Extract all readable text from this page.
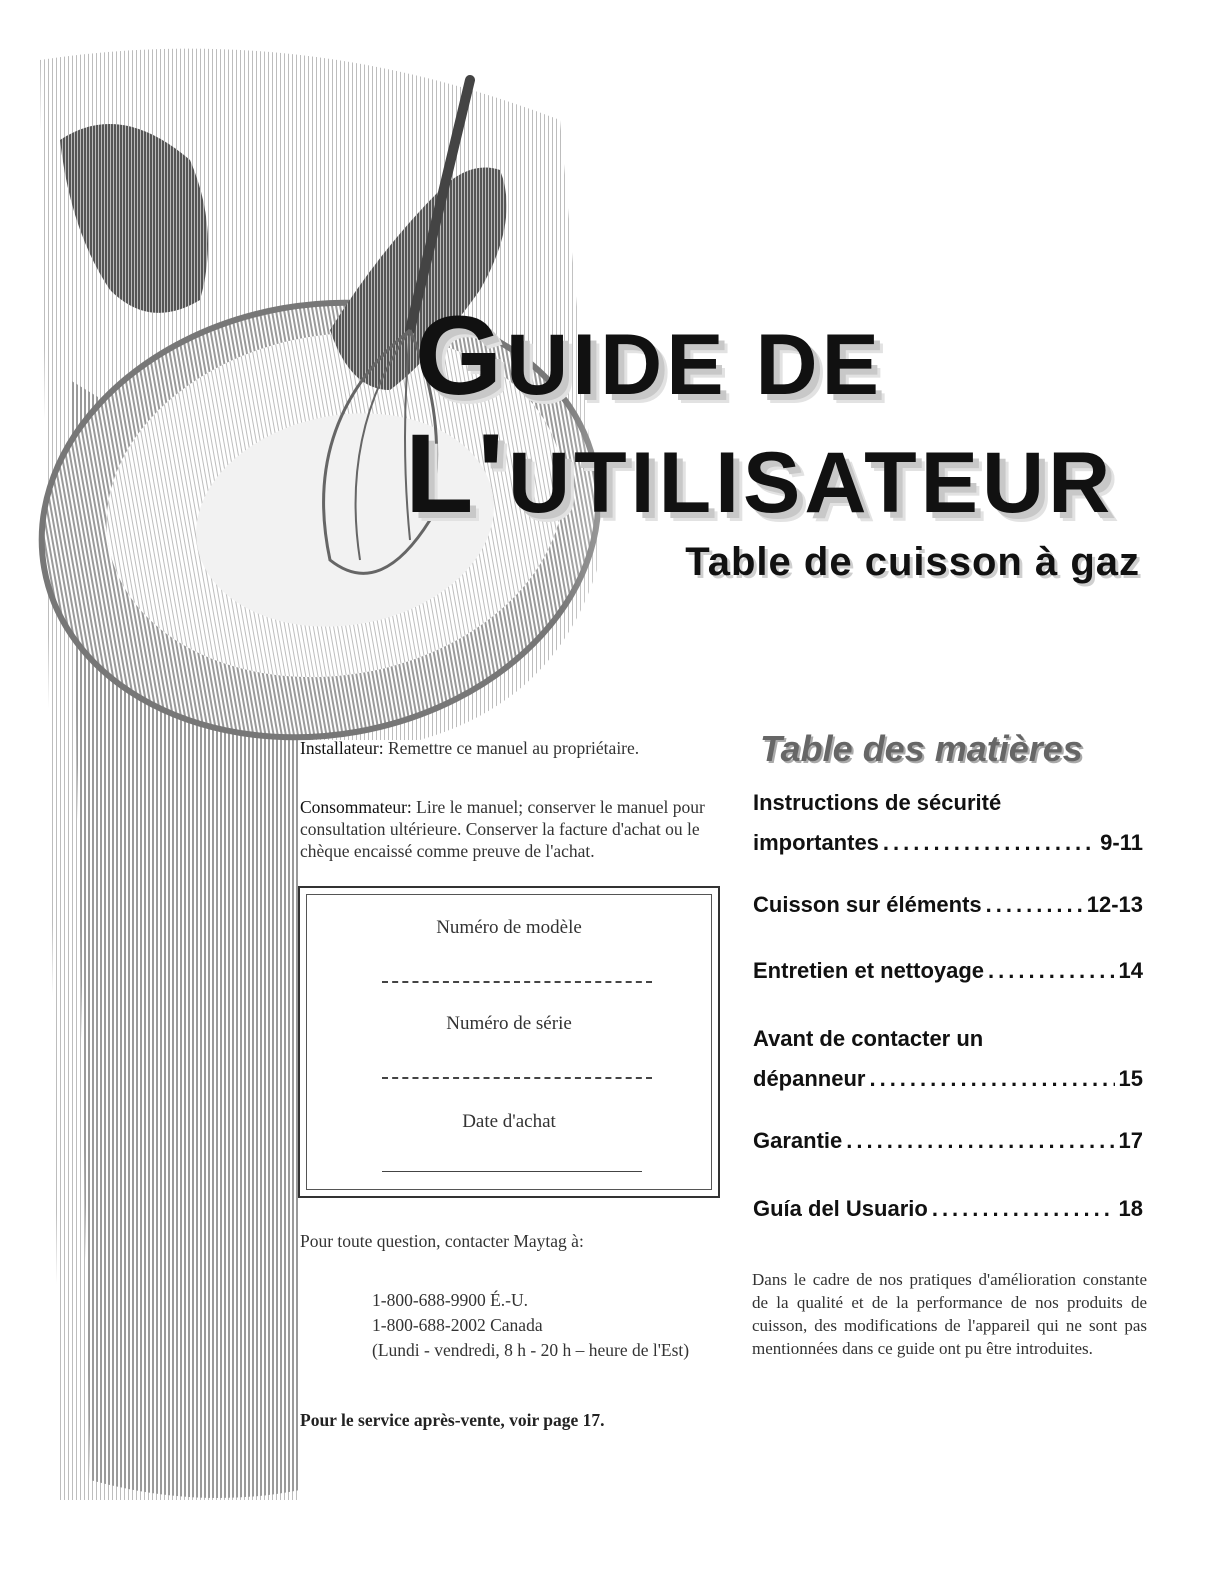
GUIDE DE
L'UTILISATEUR
Table de cuisson à gaz
Installateur: Remettre ce manuel au propriétaire.
Consommateur: Lire le manuel; conserver le manuel pour consultation ultérieure. Conserver la facture d'achat ou le chèque encaissé comme preuve de l'achat.
Numéro de modèle
Numéro de série
Date d'achat
Pour toute question, contacter Maytag à:
1-800-688-9900 É.-U.
1-800-688-2002 Canada
(Lundi - vendredi, 8 h - 20 h – heure de l'Est)
Pour le service après-vente, voir page 17.
Table des matières
Instructions de sécurité
importantes .....	9-11
Cuisson sur éléments .....	12-13
Entretien et nettoyage .....	14
Avant de contacter un
dépanneur .....	15
Garantie .....	17
Guía del Usuario .....	18
Dans le cadre de nos pratiques d'amélioration constante de la qualité et de la performance de nos produits de cuisson, des modifications de l'appareil qui ne sont pas mentionnées dans ce guide ont pu être introduites.
